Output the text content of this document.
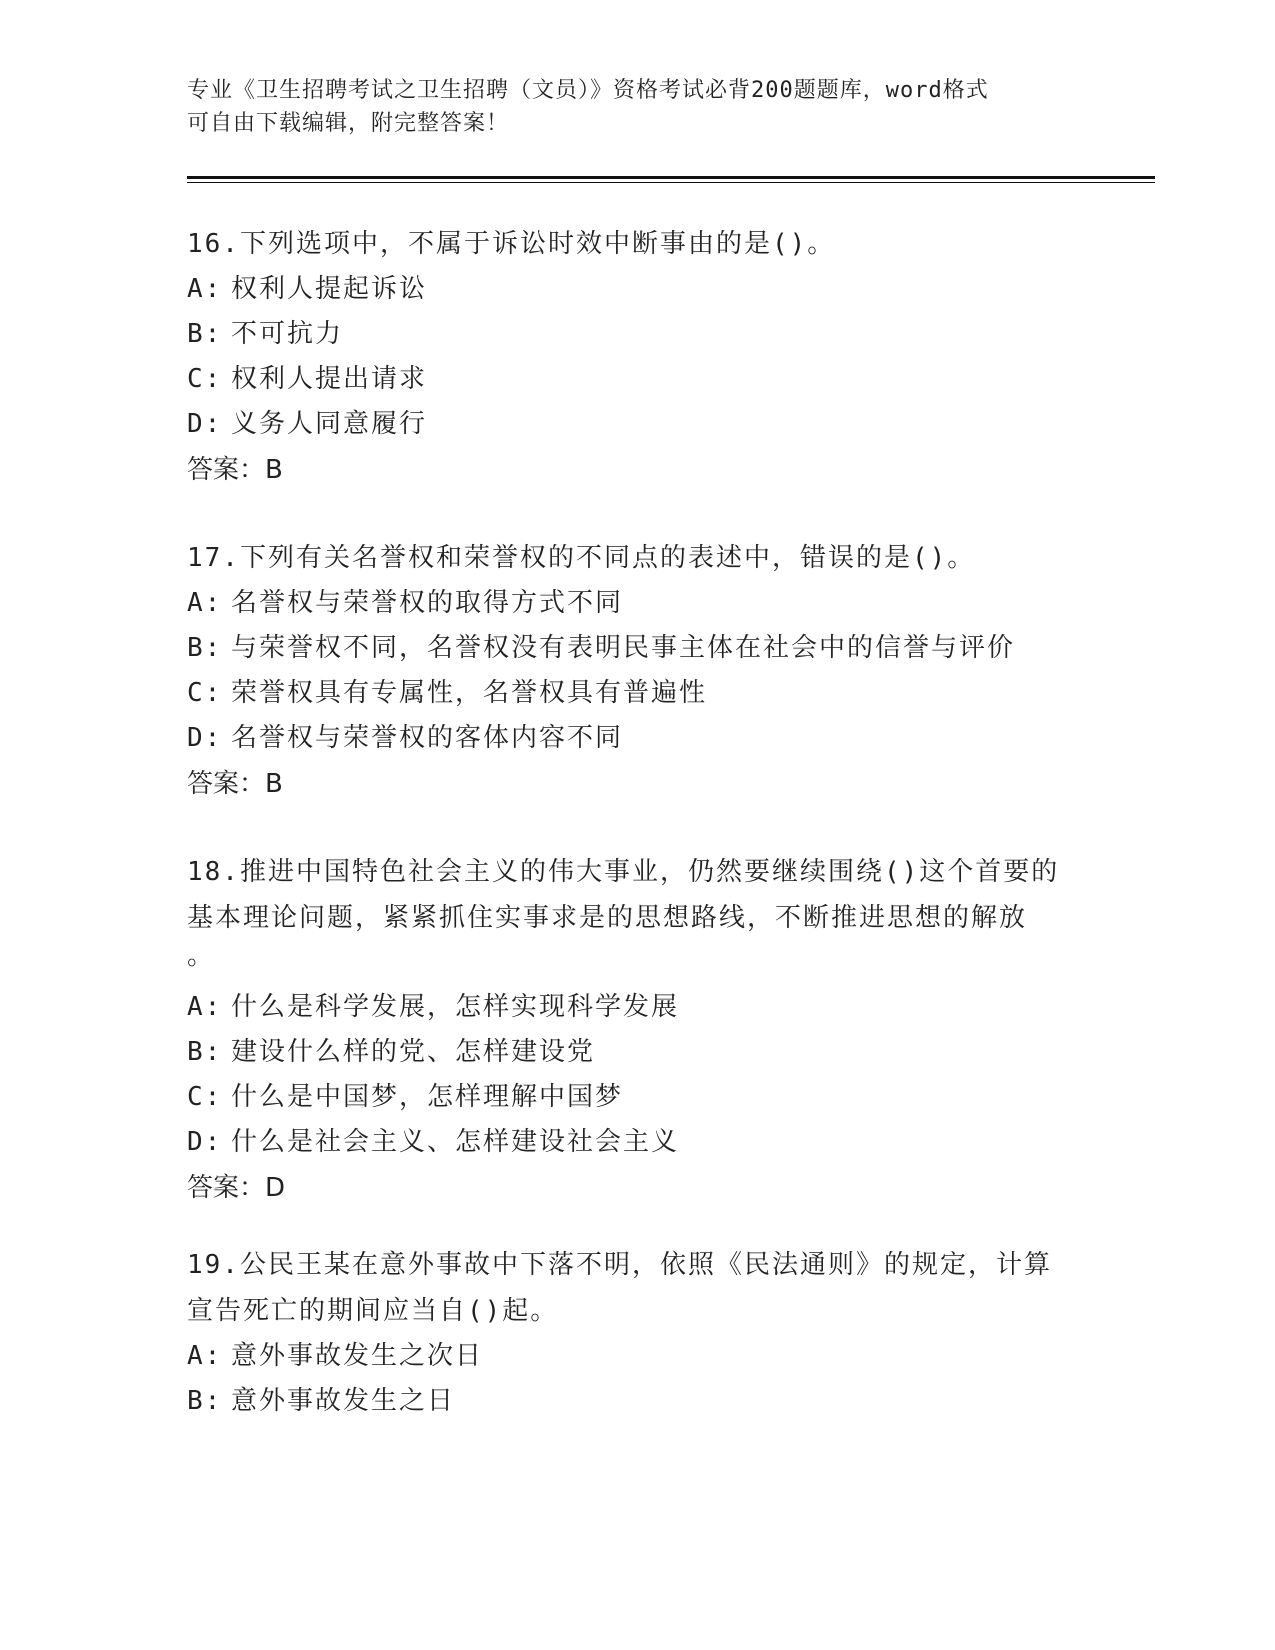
专业《卫生招聘考试之卫生招聘（文员）》资格考试必背200题题库，word格式
可自由下载编辑，附完整答案！
16.下列选项中，不属于诉讼时效中断事由的是()。
A: 权利人提起诉讼
B: 不可抗力
C: 权利人提出请求
D: 义务人同意履行
答案：B
17.下列有关名誉权和荣誉权的不同点的表述中，错误的是()。
A: 名誉权与荣誉权的取得方式不同
B: 与荣誉权不同，名誉权没有表明民事主体在社会中的信誉与评价
C: 荣誉权具有专属性，名誉权具有普遍性
D: 名誉权与荣誉权的客体内容不同
答案：B
18.推进中国特色社会主义的伟大事业，仍然要继续围绕()这个首要的
基本理论问题，紧紧抓住实事求是的思想路线，不断推进思想的解放
。
A: 什么是科学发展，怎样实现科学发展
B: 建设什么样的党、怎样建设党
C: 什么是中国梦，怎样理解中国梦
D: 什么是社会主义、怎样建设社会主义
答案：D
19.公民王某在意外事故中下落不明，依照《民法通则》的规定，计算
宣告死亡的期间应当自()起。
A: 意外事故发生之次日
B: 意外事故发生之日
